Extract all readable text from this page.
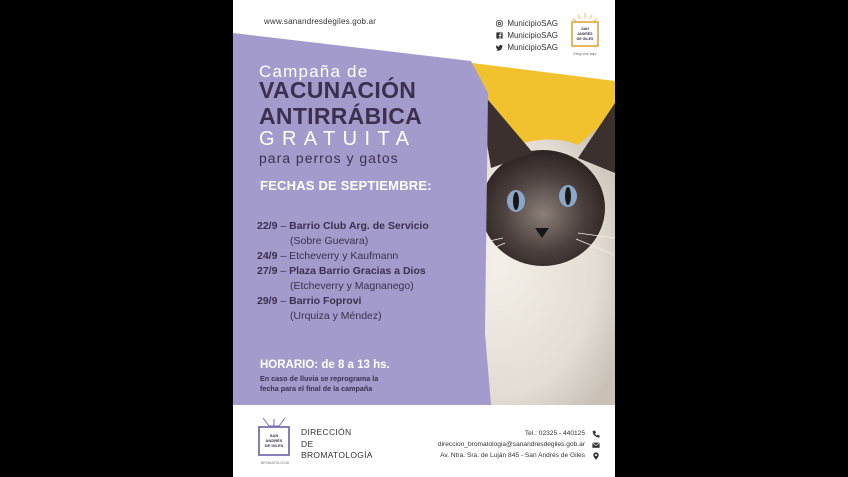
www.sanandresdegiles.gob.ar	MunicipioSAG
MunicipioSAG
MunicipioSAG
SAN
ANDRÉS
DE GILES
Elegí vivir aquí
Campaña de
VACUNACIÓN
ANTIRRÁBICA
GRATUITA
para perros y gatos
FECHAS DE SEPTIEMBRE:
22/9 – Barrio Club Arg. de Servicio
(Sobre Guevara)
24/9 – Etcheverry y Kaufmann
27/9 – Plaza Barrio Gracias a Dios
(Etcheverry y Magnanego)
29/9 – Barrio Foprovi
(Urquiza y Méndez)
HORARIO: de 8 a 13 hs.
En caso de lluvia se reprograma la fecha para el final de la campaña
SAN
ANDRÉS
DE GILES
BROMATOLOGÍA
DIRECCIÓN
DE
BROMATOLOGÍA
Tel.: 02325 - 440125
direccion_bromatologia@sanandresdegiles.gob.ar
Av. Ntra. Sra. de Luján 845 - San Andrés de Giles
